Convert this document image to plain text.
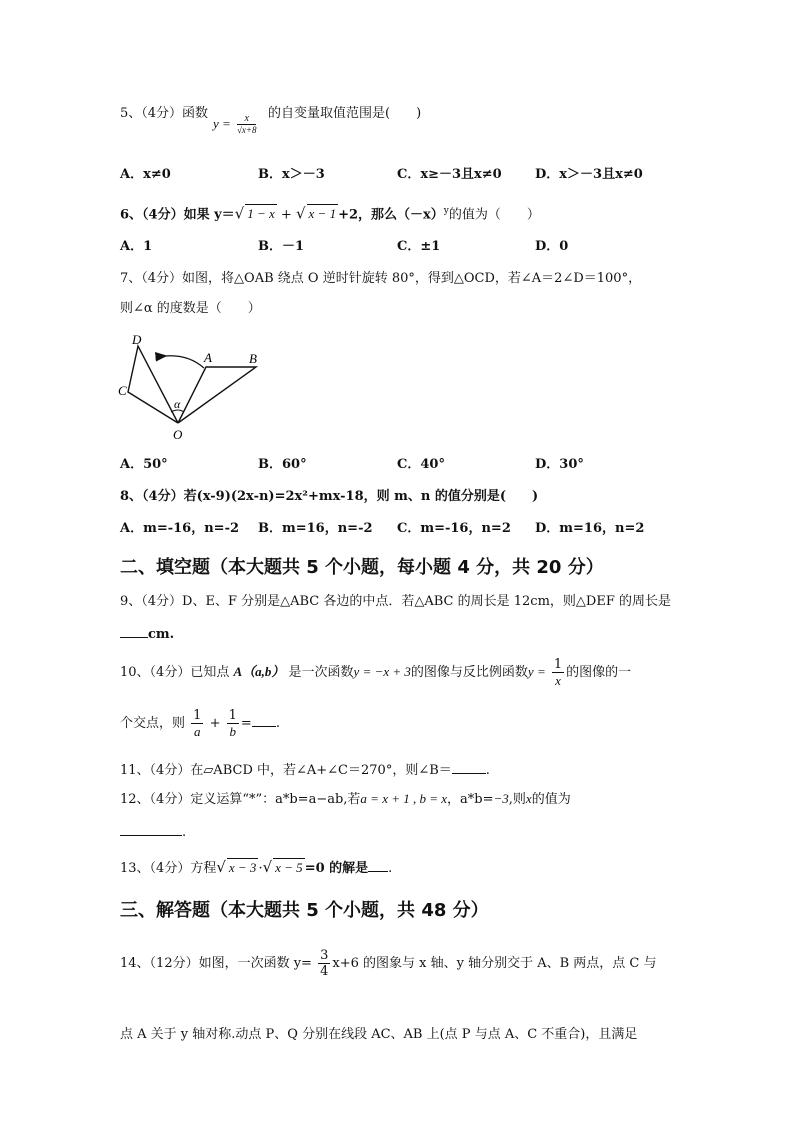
5、（4分）函数
$y = \frac{x}{√x+8}$ 的自变量取值范围是(　　)
A．x≠0	B．x＞－3	C．x≥－3且x≠0	D．x＞－3且x≠0
6、（4分）如果 y＝√ 1 − x + √ x − 1 +2，那么$(-x)^y$的值为（　　）
A．1	B．－1	C．±1	D．0
7、（4分）如图，将△OAB 绕点 O 逆时针旋转 80°，得到△OCD，若∠A＝2∠D＝100°，
则∠α 的度数是（　　）
D
A	B
C
α
O
A．50°	B．60°	C．40°	D．30°
8、（4分）若(x-9)(2x-n)=2x²+mx-18，则 m、n 的值分别是(　　)
A．m=-16，n=-2 B．m=16，n=-2 C．m=-16，n=2 D．m=16，n=2
二、填空题（本大题共 5 个小题，每小题 4 分，共 20 分）
9、（4分）D、E、F 分别是△ABC 各边的中点．若△ABC 的周长是 12cm，则△DEF 的周长是
cm.
10、（4分）已知点 A（a,b） 是一次函数y = −x + 3的图像与反比例函数$y = \frac{1}{x}$ 的图像的一
个交点，则 $\frac{1}{a} + \frac{1}{b}$ = .
11、（4分）在▱ABCD 中，若∠A+∠C＝270°，则∠B＝	.
12、（4分）定义运算“*”：a*b=a−ab,若a = x + 1 , b = x，a*b=−3,则x的值为
.
13、（4分）方程√ x − 3 ·√ x − 5 =0 的解是 .
三、解答题（本大题共 5 个小题，共 48 分）
14、（12分）如图，一次函数 $y= \frac{3}{4} x+6$ 的图象与 x 轴、y 轴分别交于 A、B 两点，点 C 与
点 A 关于 y 轴对称.动点 P、Q 分别在线段 AC、AB 上(点 P 与点 A、C 不重合)，且满足
